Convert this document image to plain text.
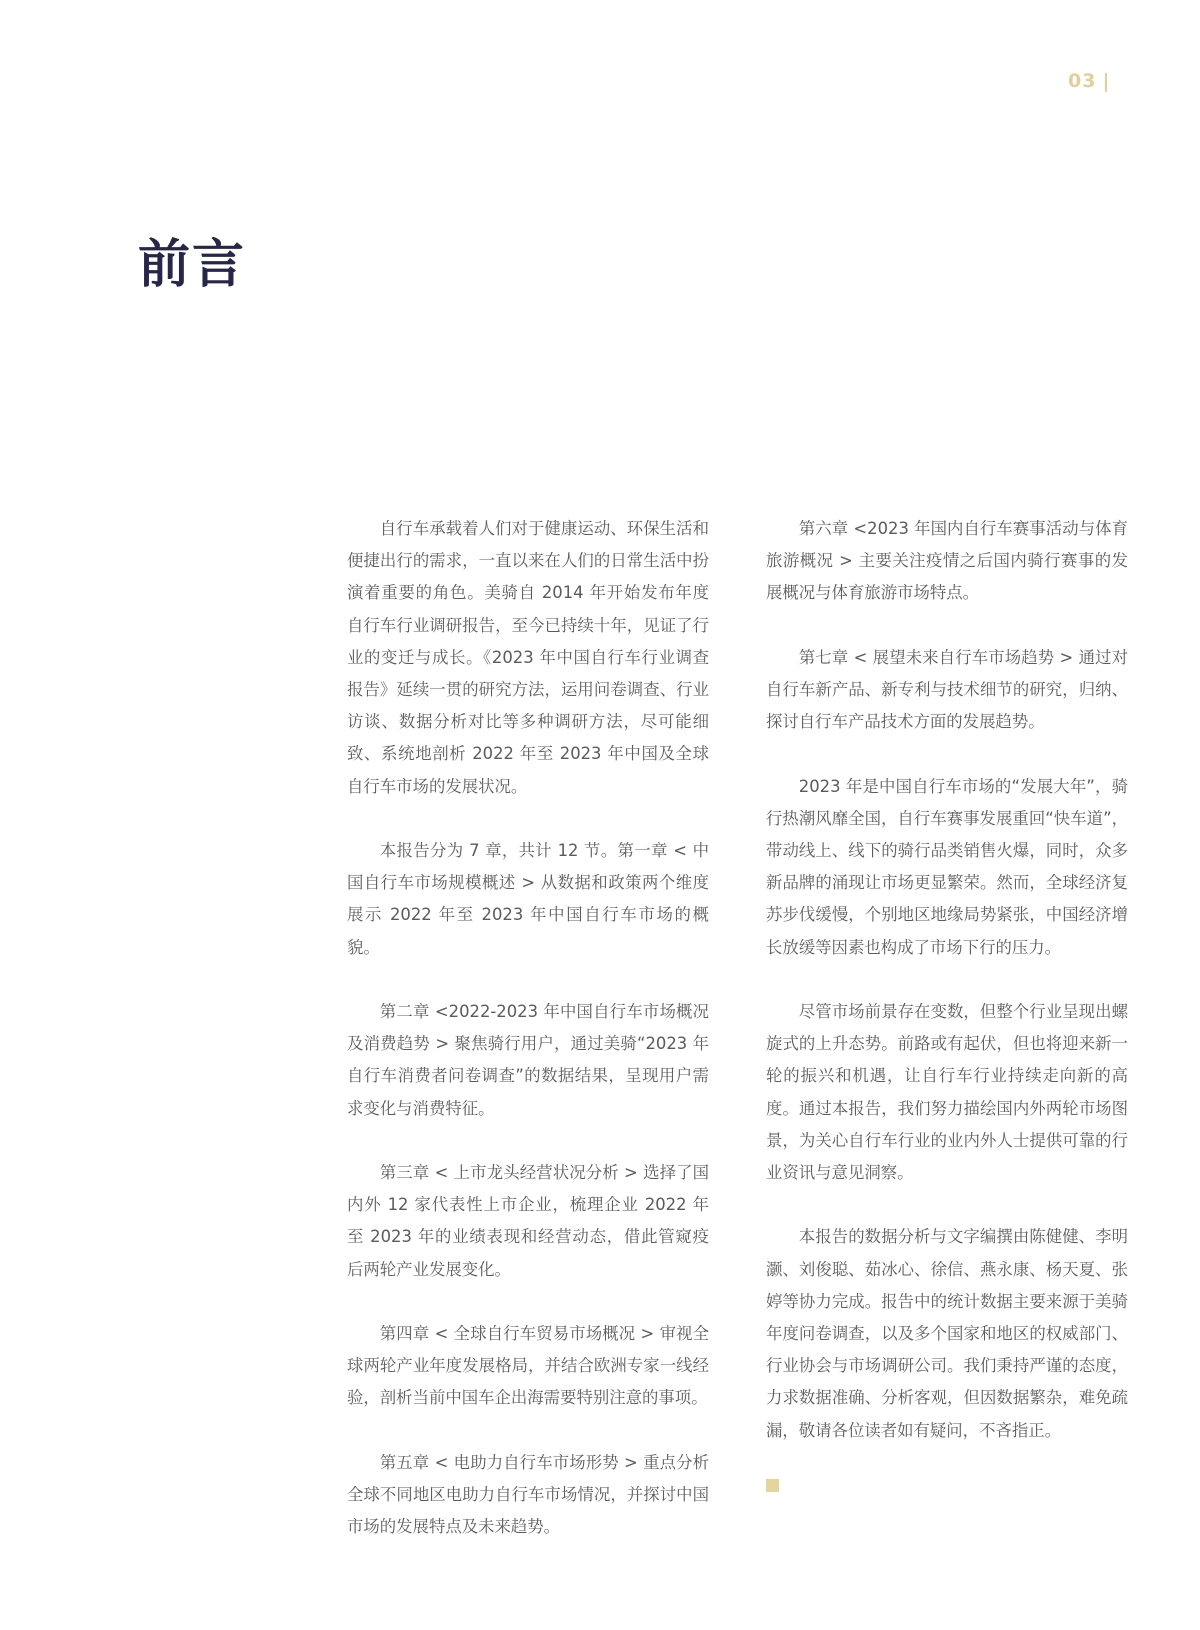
03 |
前言

自行车承载着人们对于健康运动、环保生活和便捷出行的需求，一直以来在人们的日常生活中扮演着重要的角色。美骑自 2014 年开始发布年度自行车行业调研报告，至今已持续十年，见证了行业的变迁与成长。《2023 年中国自行车行业调查报告》延续一贯的研究方法，运用问卷调查、行业访谈、数据分析对比等多种调研方法，尽可能细致、系统地剖析 2022 年至 2023 年中国及全球自行车市场的发展状况。

本报告分为 7 章，共计 12 节。第一章 < 中国自行车市场规模概述 > 从数据和政策两个维度展示 2022 年至 2023 年中国自行车市场的概貌。

第二章 <2022-2023 年中国自行车市场概况及消费趋势 > 聚焦骑行用户，通过美骑“2023 年自行车消费者问卷调查”的数据结果，呈现用户需求变化与消费特征。

第三章 < 上市龙头经营状况分析 > 选择了国内外 12 家代表性上市企业，梳理企业 2022 年至 2023 年的业绩表现和经营动态，借此管窥疫后两轮产业发展变化。

第四章 < 全球自行车贸易市场概况 > 审视全球两轮产业年度发展格局，并结合欧洲专家一线经验，剖析当前中国车企出海需要特别注意的事项。

第五章 < 电助力自行车市场形势 > 重点分析全球不同地区电助力自行车市场情况，并探讨中国市场的发展特点及未来趋势。

第六章 <2023 年国内自行车赛事活动与体育旅游概况 > 主要关注疫情之后国内骑行赛事的发展概况与体育旅游市场特点。

第七章 < 展望未来自行车市场趋势 > 通过对自行车新产品、新专利与技术细节的研究，归纳、探讨自行车产品技术方面的发展趋势。

2023 年是中国自行车市场的“发展大年”，骑行热潮风靡全国，自行车赛事发展重回“快车道”，带动线上、线下的骑行品类销售火爆，同时，众多新品牌的涌现让市场更显繁荣。然而，全球经济复苏步伐缓慢，个别地区地缘局势紧张，中国经济增长放缓等因素也构成了市场下行的压力。

尽管市场前景存在变数，但整个行业呈现出螺旋式的上升态势。前路或有起伏，但也将迎来新一轮的振兴和机遇，让自行车行业持续走向新的高度。通过本报告，我们努力描绘国内外两轮市场图景，为关心自行车行业的业内外人士提供可靠的行业资讯与意见洞察。

本报告的数据分析与文字编撰由陈健健、李明灏、刘俊聪、茹冰心、徐信、燕永康、杨天夏、张婷等协力完成。报告中的统计数据主要来源于美骑年度问卷调查，以及多个国家和地区的权威部门、行业协会与市场调研公司。我们秉持严谨的态度，力求数据准确、分析客观，但因数据繁杂，难免疏漏，敬请各位读者如有疑问，不吝指正。
